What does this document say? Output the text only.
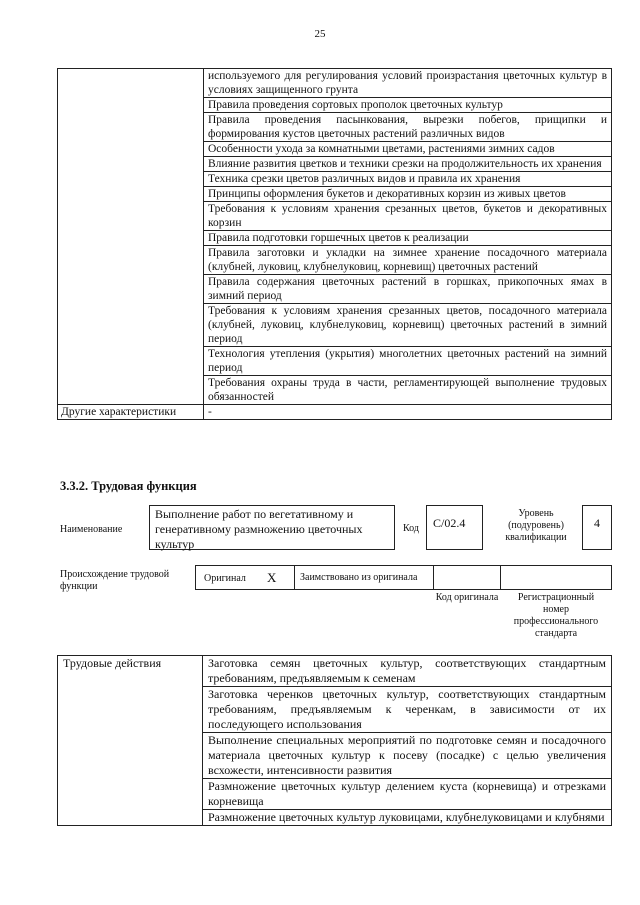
25
	используемого для регулирования условий произрастания цветочных культур в условиях защищенного грунта
	Правила проведения сортовых прополок цветочных культур
	Правила проведения пасынкования, вырезки побегов, прищипки и формирования кустов цветочных растений различных видов
	Особенности ухода за комнатными цветами, растениями зимних садов
	Влияние развития цветков и техники срезки на продолжительность их хранения
	Техника срезки цветов различных видов и правила их хранения
	Принципы оформления букетов и декоративных корзин из живых цветов
	Требования к условиям хранения срезанных цветов, букетов и декоративных корзин
	Правила подготовки горшечных цветов к реализации
	Правила заготовки и укладки на зимнее хранение посадочного материала (клубней, луковиц, клубнелуковиц, корневищ) цветочных растений
	Правила содержания цветочных растений в горшках, прикопочных ямах в зимний период
	Требования к условиям хранения срезанных цветов, посадочного материала (клубней, луковиц, клубнелуковиц, корневищ) цветочных растений в зимний период
	Технология утепления (укрытия) многолетних цветочных растений на зимний период
	Требования охраны труда в части, регламентирующей выполнение трудовых обязанностей
Другие характеристики	-
3.3.2. Трудовая функция
Наименование
Выполнение работ по вегетативному и генеративному размножению цветочных культур
Код	C/02.4
Уровень (подуровень) квалификации
4
Происхождение трудовой функции
Оригинал X	Заимствовано из оригинала
Код оригинала	Регистрационный номер профессионального стандарта
Трудовые действия	Заготовка семян цветочных культур, соответствующих стандартным требованиям, предъявляемым к семенам
Заготовка черенков цветочных культур, соответствующих стандартным требованиям, предъявляемым к черенкам, в зависимости от их последующего использования
Выполнение специальных мероприятий по подготовке семян и посадочного материала цветочных культур к посеву (посадке) с целью увеличения всхожести, интенсивности развития
Размножение цветочных культур делением куста (корневища) и отрезками корневища
Размножение цветочных культур луковицами, клубнелуковицами и клубнями
